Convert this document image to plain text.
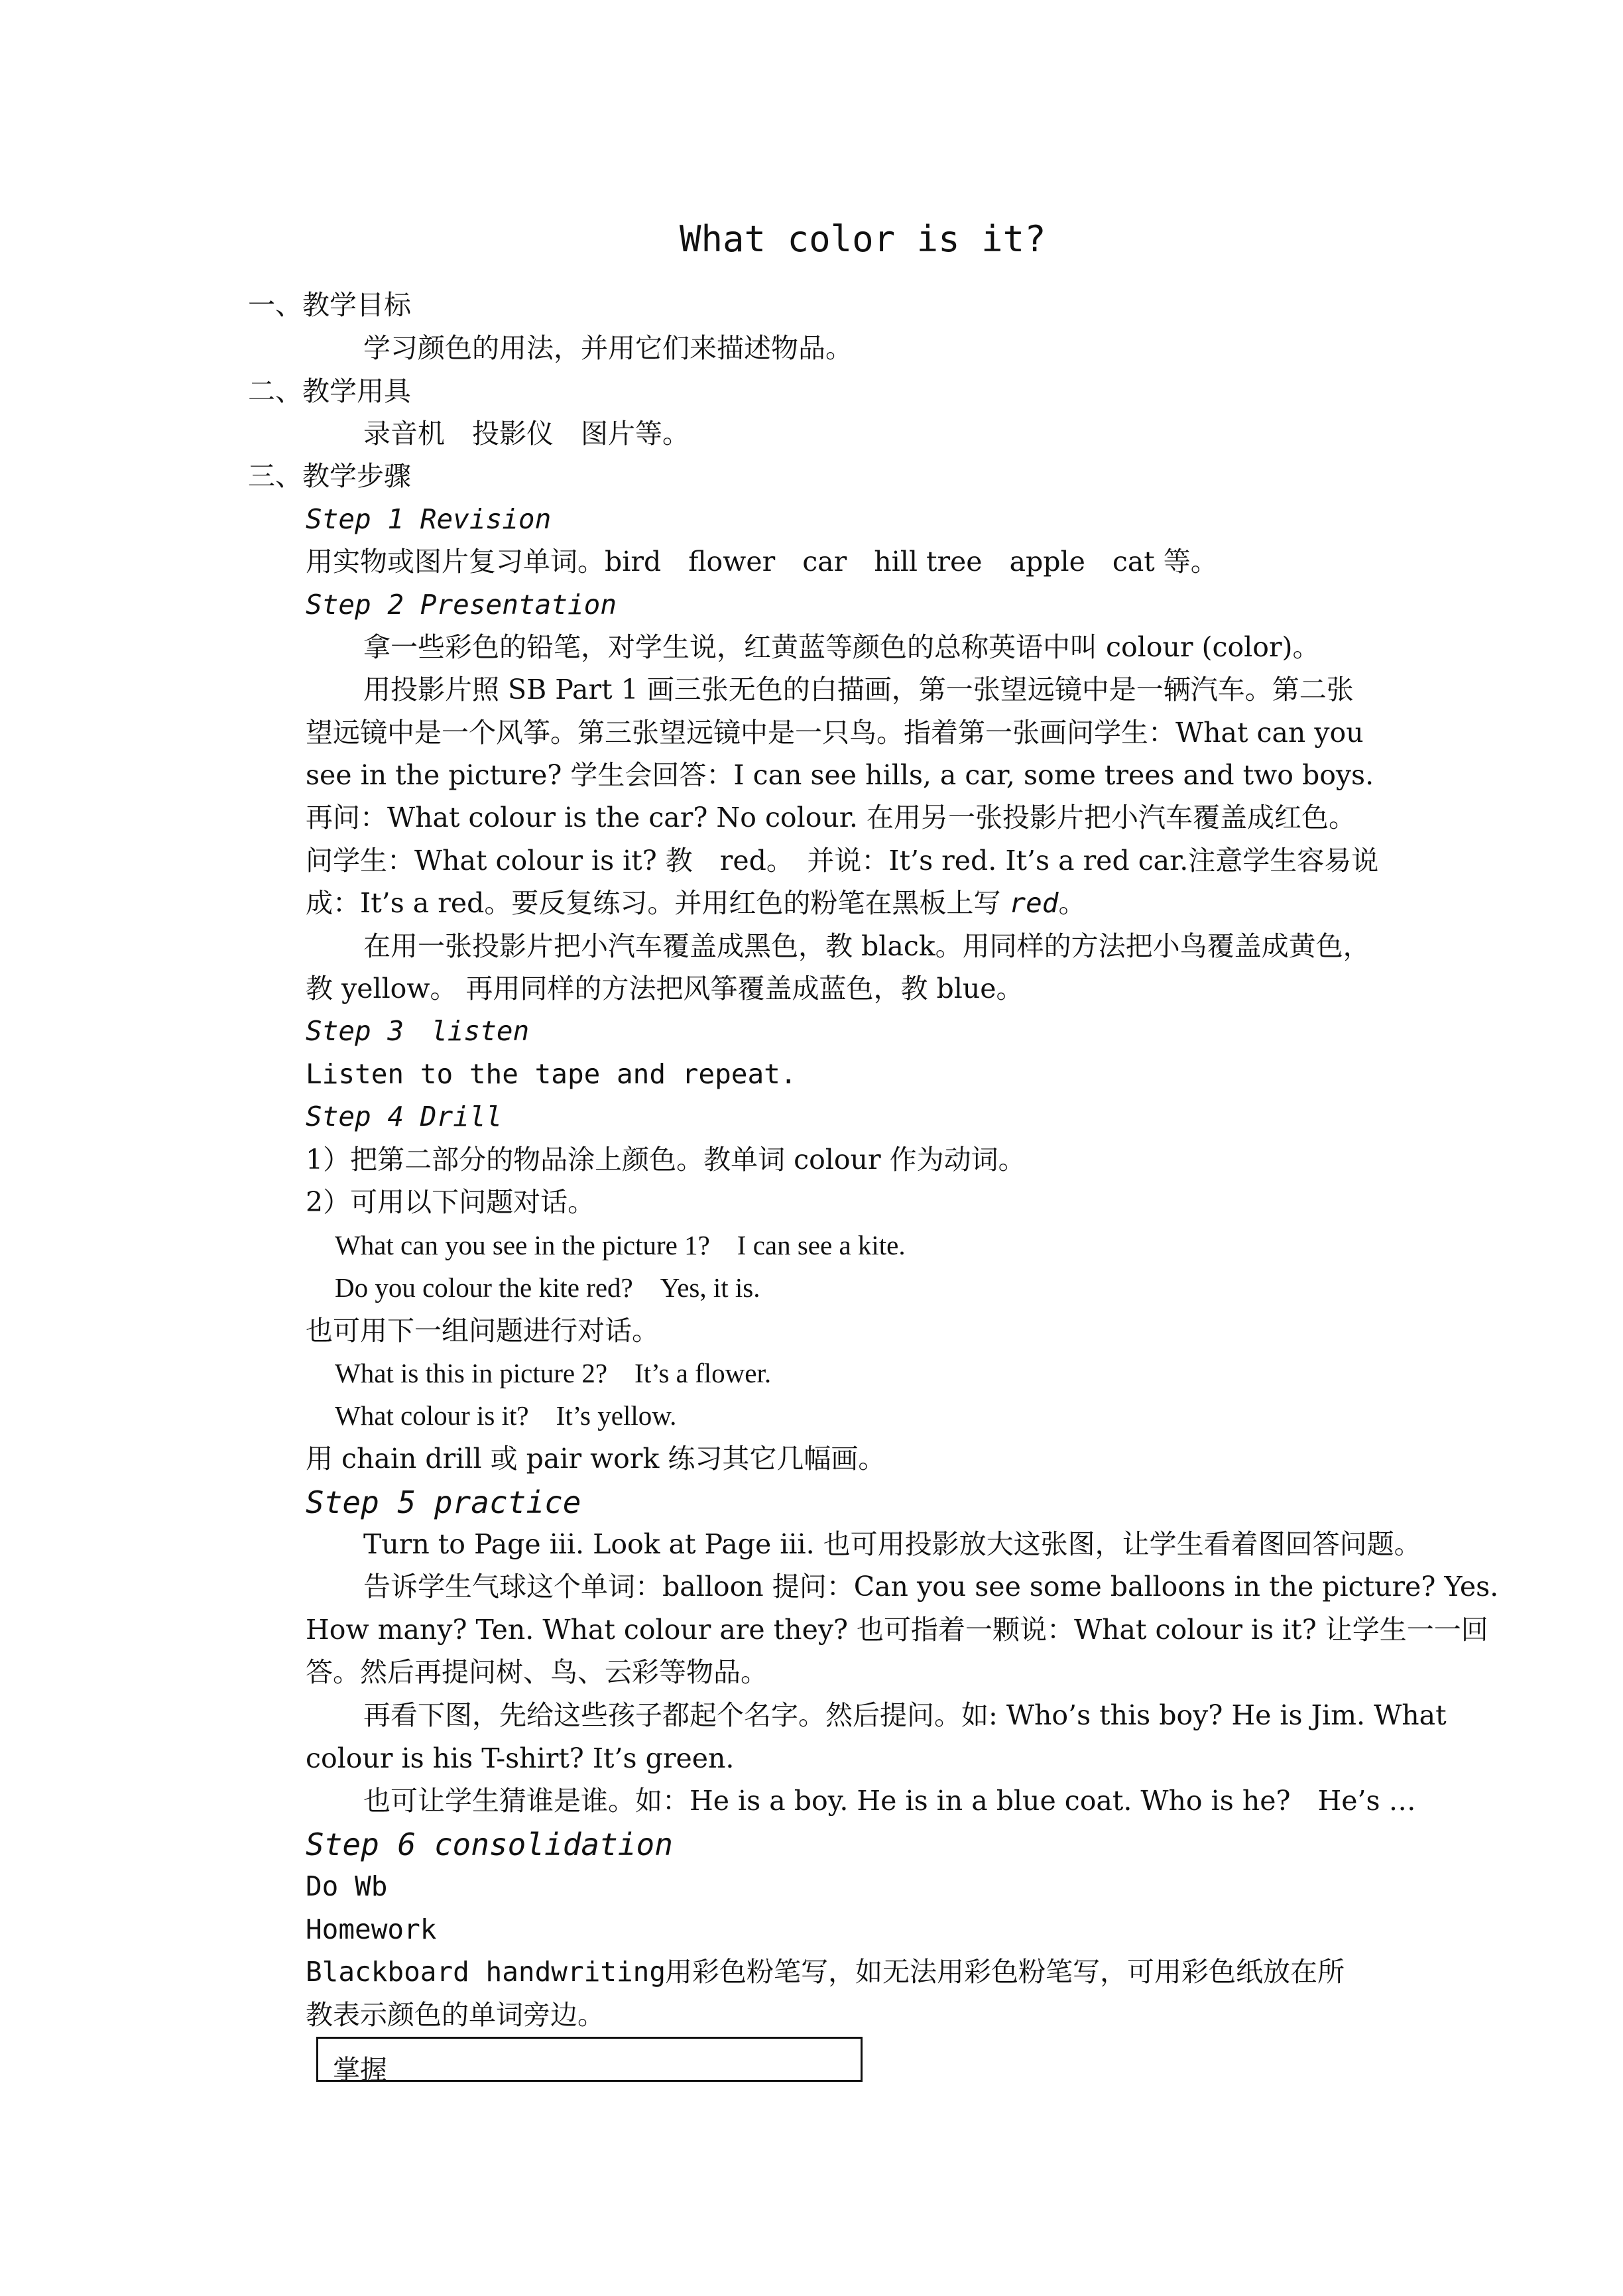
What color is it?
一、教学目标
学习颜色的用法，并用它们来描述物品。
二、教学用具
录音机　投影仪　图片等。
三、教学步骤
Step 1 Revision
用实物或图片复习单词。bird　flower　car　hill tree　apple　cat 等。
Step 2 Presentation
拿一些彩色的铅笔，对学生说，红黄蓝等颜色的总称英语中叫 colour (color)。
用投影片照 SB Part 1 画三张无色的白描画，第一张望远镜中是一辆汽车。第二张
望远镜中是一个风筝。第三张望远镜中是一只鸟。指着第一张画问学生：What can you
see in the picture? 学生会回答：I can see hills, a car, some trees and two boys.
再问：What colour is the car? No colour. 在用另一张投影片把小汽车覆盖成红色。
问学生：What colour is it? 教　red。　并说：It’s red. It’s a red car.注意学生容易说
成：It’s a red。要反复练习。并用红色的粉笔在黑板上写 red。
在用一张投影片把小汽车覆盖成黑色，教 black。用同样的方法把小鸟覆盖成黄色，
教 yellow。 再用同样的方法把风筝覆盖成蓝色，教 blue。
Step 3　listen
Listen to the tape and repeat.
Step 4 Drill
1）把第二部分的物品涂上颜色。教单词 colour 作为动词。
2）可用以下问题对话。
What can you see in the picture 1?　I can see a kite.
Do you colour the kite red?　Yes, it is.
也可用下一组问题进行对话。
What is this in picture 2?　It’s a flower.
What colour is it?　It’s yellow.
用 chain drill 或 pair work 练习其它几幅画。
Step 5 practice
Turn to Page iii. Look at Page iii. 也可用投影放大这张图，让学生看着图回答问题。
告诉学生气球这个单词：balloon 提问：Can you see some balloons in the picture? Yes.
How many? Ten. What colour are they? 也可指着一颗说：What colour is it? 让学生一一回
答。然后再提问树、鸟、云彩等物品。
再看下图，先给这些孩子都起个名字。然后提问。如: Who’s this boy? He is Jim. What
colour is his T-shirt? It’s green.
也可让学生猜谁是谁。如：He is a boy. He is in a blue coat. Who is he?　He’s …
Step 6 consolidation
Do Wb
Homework
Blackboard handwriting
用彩色粉笔写，如无法用彩色粉笔写，可用彩色纸放在所
教表示颜色的单词旁边。
掌握
